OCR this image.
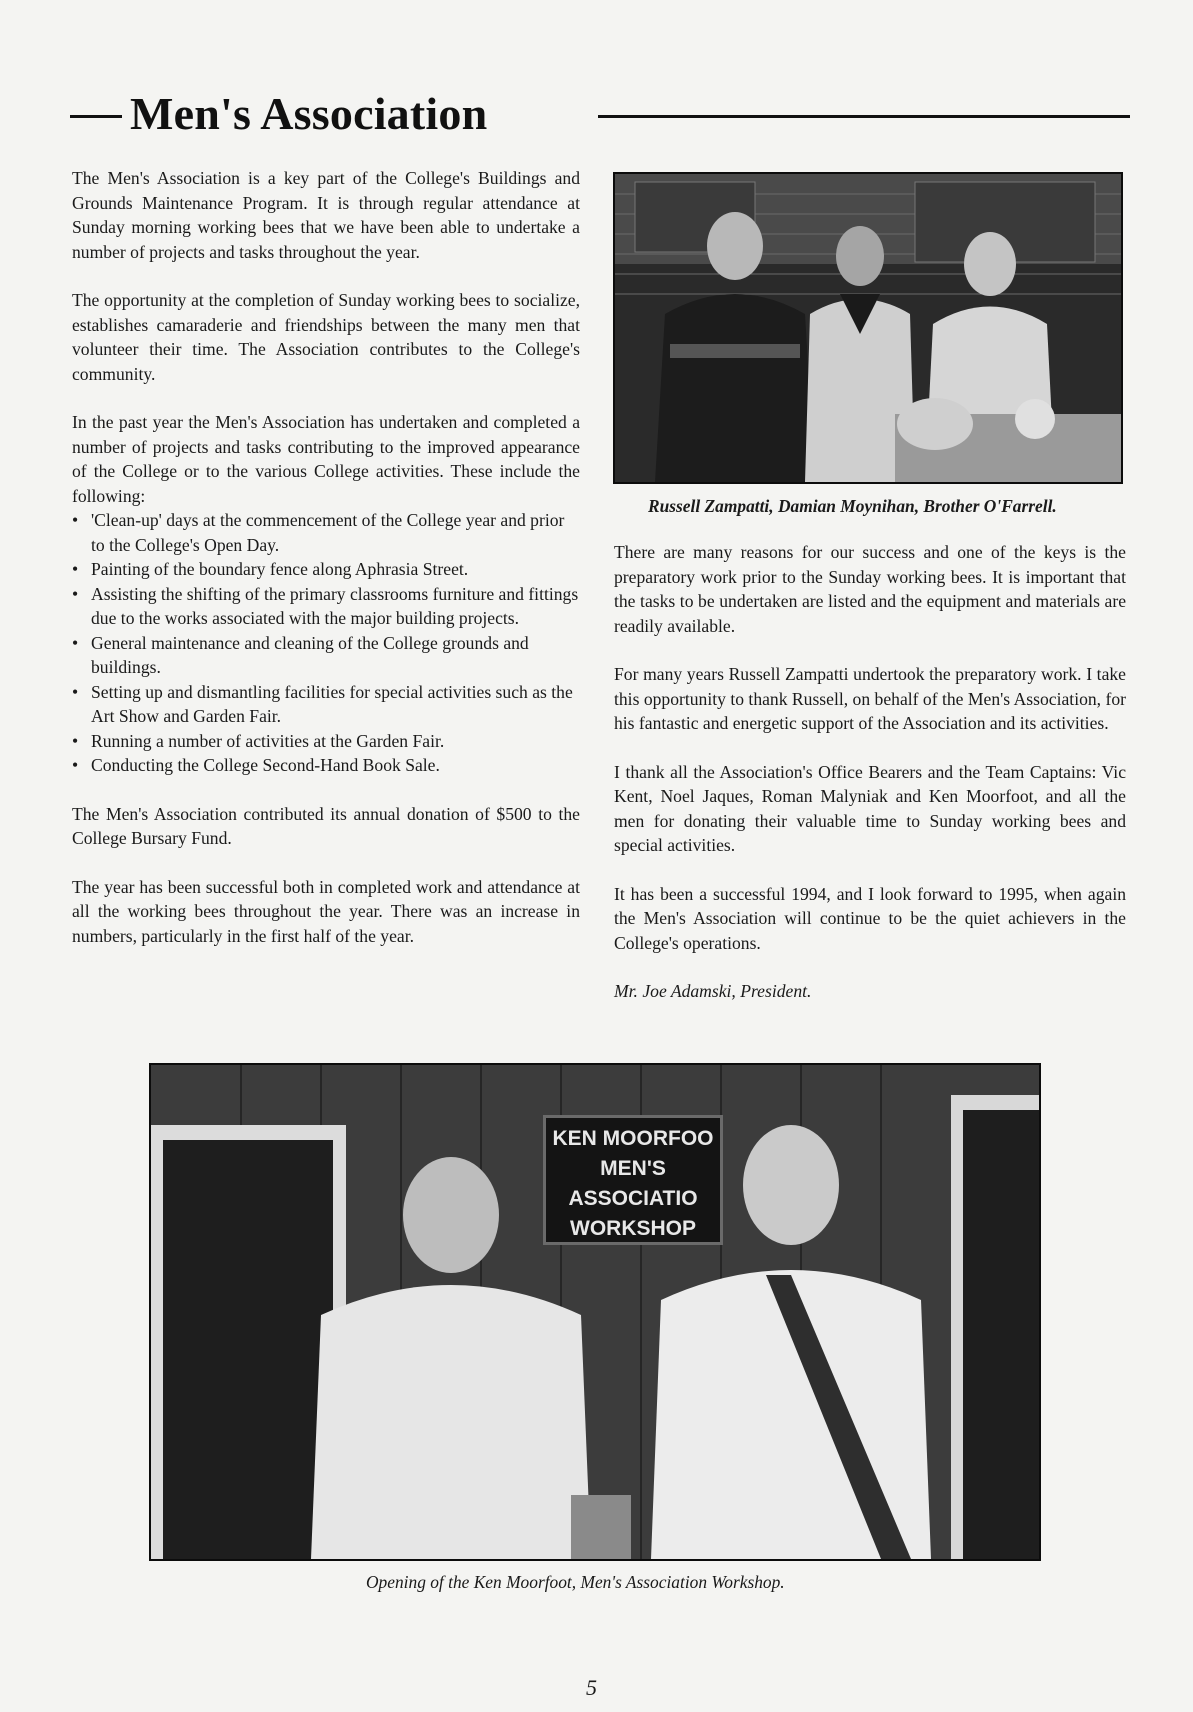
Men's Association

The Men's Association is a key part of the College's Buildings and Grounds Maintenance Program. It is through regular attendance at Sunday morning working bees that we have been able to undertake a number of projects and tasks throughout the year.

The opportunity at the completion of Sunday working bees to socialize, establishes camaraderie and friendships between the many men that volunteer their time. The Association contributes to the College's community.

In the past year the Men's Association has undertaken and completed a number of projects and tasks contributing to the improved appearance of the College or to the various College activities. These include the following:

• 'Clean-up' days at the commencement of the College year and prior to the College's Open Day.
• Painting of the boundary fence along Aphrasia Street.
• Assisting the shifting of the primary classrooms furniture and fittings due to the works associated with the major building projects.
• General maintenance and cleaning of the College grounds and buildings.
• Setting up and dismantling facilities for special activities such as the Art Show and Garden Fair.
• Running a number of activities at the Garden Fair.
• Conducting the College Second-Hand Book Sale.

The Men's Association contributed its annual donation of $500 to the College Bursary Fund.

The year has been successful both in completed work and attendance at all the working bees throughout the year. There was an increase in numbers, particularly in the first half of the year.

Russell Zampatti, Damian Moynihan, Brother O'Farrell.

There are many reasons for our success and one of the keys is the preparatory work prior to the Sunday working bees. It is important that the tasks to be undertaken are listed and the equipment and materials are readily available.

For many years Russell Zampatti undertook the preparatory work. I take this opportunity to thank Russell, on behalf of the Men's Association, for his fantastic and energetic support of the Association and its activities.

I thank all the Association's Office Bearers and the Team Captains: Vic Kent, Noel Jaques, Roman Malyniak and Ken Moorfoot, and all the men for donating their valuable time to Sunday working bees and special activities.

It has been a successful 1994, and I look forward to 1995, when again the Men's Association will continue to be the quiet achievers in the College's operations.

Mr. Joe Adamski, President.

KEN MOORFOO
MEN'S
ASSOCIATIO
WORKSHOP

Opening of the Ken Moorfoot, Men's Association Workshop.

5
